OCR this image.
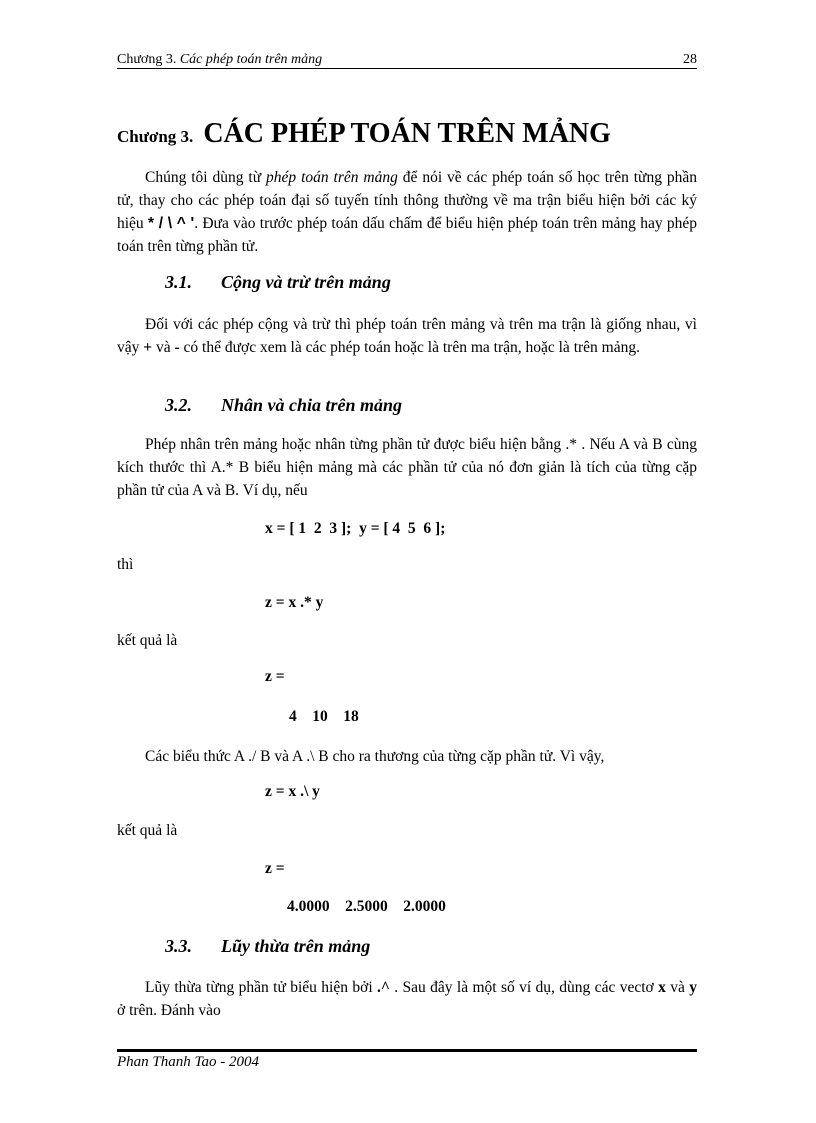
Chương 3. Các phép toán trên mảng	28
Chương 3. CÁC PHÉP TOÁN TRÊN MẢNG
Chúng tôi dùng từ phép toán trên mảng để nói về các phép toán số học trên từng phần tử, thay cho các phép toán đại số tuyến tính thông thường về ma trận biểu hiện bởi các ký hiệu * / \ ^ '. Đưa vào trước phép toán dấu chấm để biểu hiện phép toán trên mảng hay phép toán trên từng phần tử.
3.1. Cộng và trừ trên mảng
Đối với các phép cộng và trừ thì phép toán trên mảng và trên ma trận là giống nhau, vì vậy + và - có thể được xem là các phép toán hoặc là trên ma trận, hoặc là trên mảng.
3.2. Nhân và chia trên mảng
Phép nhân trên mảng hoặc nhân từng phần tử được biểu hiện bằng .* . Nếu A và B cùng kích thước thì A.* B biểu hiện mảng mà các phần tử của nó đơn giản là tích của từng cặp phần tử của A và B. Ví dụ, nếu
x = [ 1  2  3 ];  y = [ 4  5  6 ];
thì
z = x .* y
kết quả là
z =
4    10    18
Các biểu thức A ./ B và A .\ B cho ra thương của từng cặp phần tử. Vì vậy,
z = x .\ y
kết quả là
z =
4.0000    2.5000    2.0000
3.3. Lũy thừa trên mảng
Lũy thừa từng phần tử biểu hiện bởi .^ . Sau đây là một số ví dụ, dùng các vectơ x và y ở trên. Đánh vào
Phan Thanh Tao - 2004
